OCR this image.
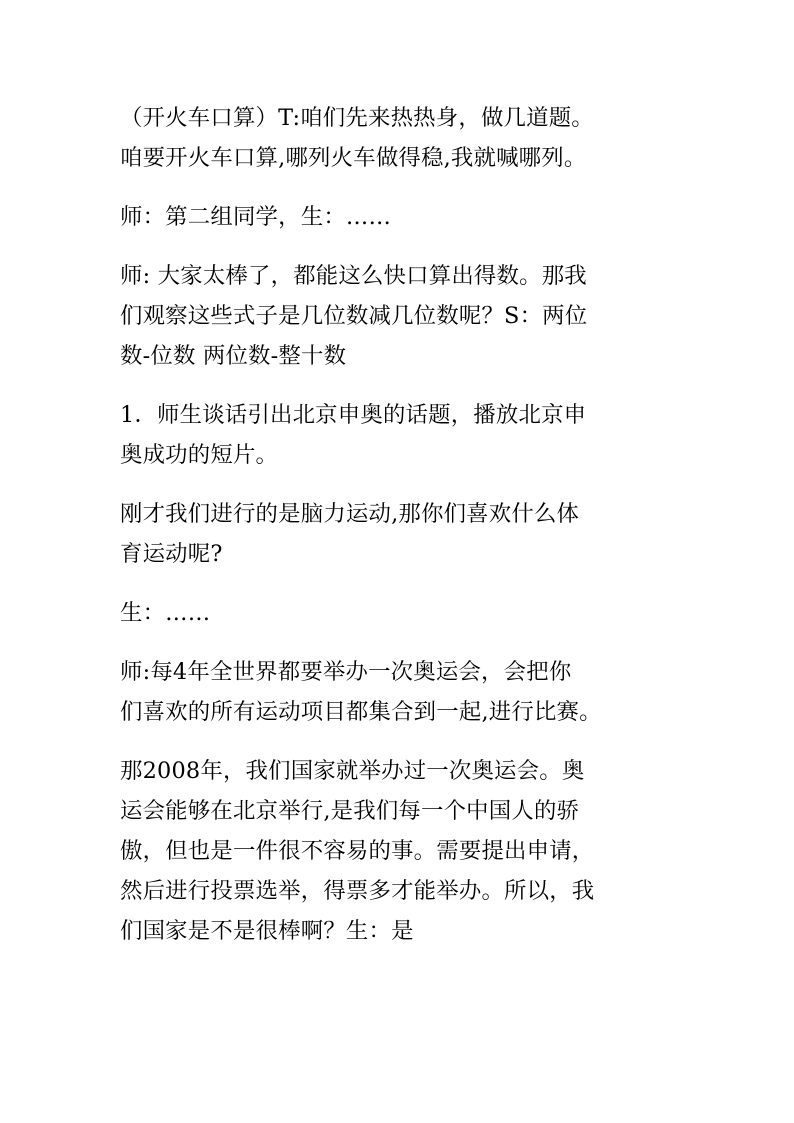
（开火车口算）T:咱们先来热热身，做几道题。
咱要开火车口算,哪列火车做得稳,我就喊哪列。
师：第二组同学，生：……
师: 大家太棒了，都能这么快口算出得数。那我
们观察这些式子是几位数减几位数呢？S：两位
数-位数 两位数-整十数
1．师生谈话引出北京申奥的话题，播放北京申
奥成功的短片。
刚才我们进行的是脑力运动,那你们喜欢什么体
育运动呢?
生：……
师:每4年全世界都要举办一次奥运会，会把你
们喜欢的所有运动项目都集合到一起,进行比赛。
那2008年，我们国家就举办过一次奥运会。奥
运会能够在北京举行,是我们每一个中国人的骄
傲，但也是一件很不容易的事。需要提出申请，
然后进行投票选举，得票多才能举办。所以，我
们国家是不是很棒啊？生：是
